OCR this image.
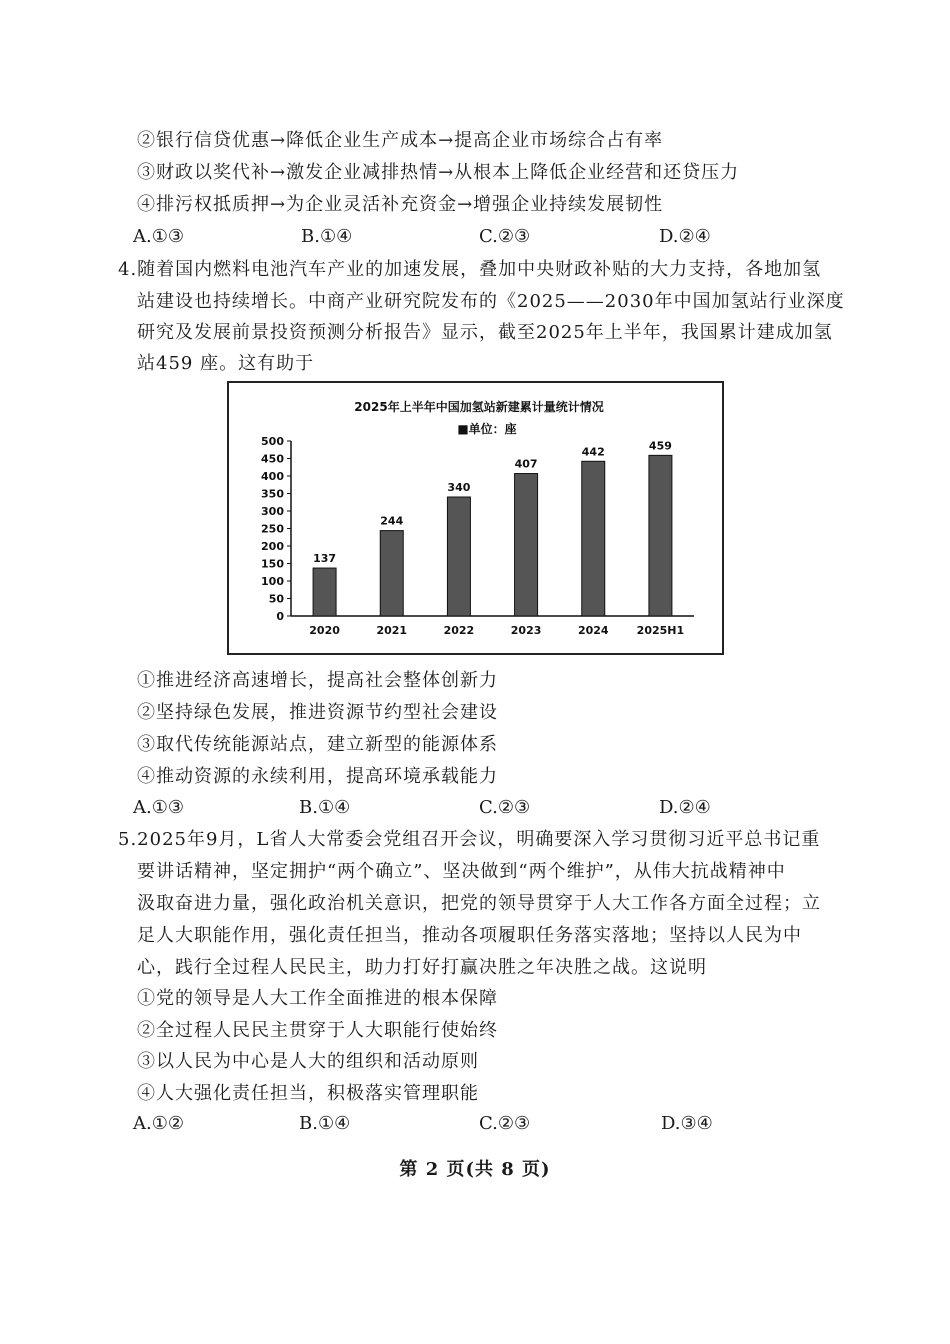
②银行信贷优惠→降低企业生产成本→提高企业市场综合占有率
③财政以奖代补→激发企业减排热情→从根本上降低企业经营和还贷压力
④排污权抵质押→为企业灵活补充资金→增强企业持续发展韧性
A.①③	B.①④	C.②③	D.②④
4.随着国内燃料电池汽车产业的加速发展，叠加中央财政补贴的大力支持，各地加氢
站建设也持续增长。中商产业研究院发布的《2025——2030年中国加氢站行业深度
研究及发展前景投资预测分析报告》显示，截至2025年上半年，我国累计建成加氢
站459 座。这有助于
2025年上半年中国加氢站新建累计量统计情况
■单位：座
0
50
100
150
200
250
300
350
400
450
500
137
2020
244
2021
340
2022
407
2023
442
2024
459
2025H1
①推进经济高速增长，提高社会整体创新力
②坚持绿色发展，推进资源节约型社会建设
③取代传统能源站点，建立新型的能源体系
④推动资源的永续利用，提高环境承载能力
A.①③	B.①④	C.②③	D.②④
5.2025年9月，L省人大常委会党组召开会议，明确要深入学习贯彻习近平总书记重
要讲话精神，坚定拥护“两个确立”、坚决做到“两个维护”，从伟大抗战精神中
汲取奋进力量，强化政治机关意识，把党的领导贯穿于人大工作各方面全过程；立
足人大职能作用，强化责任担当，推动各项履职任务落实落地；坚持以人民为中
心，践行全过程人民民主，助力打好打赢决胜之年决胜之战。这说明
①党的领导是人大工作全面推进的根本保障
②全过程人民民主贯穿于人大职能行使始终
③以人民为中心是人大的组织和活动原则
④人大强化责任担当，积极落实管理职能
A.①②	B.①④	C.②③	D.③④
第 2 页(共 8 页)
